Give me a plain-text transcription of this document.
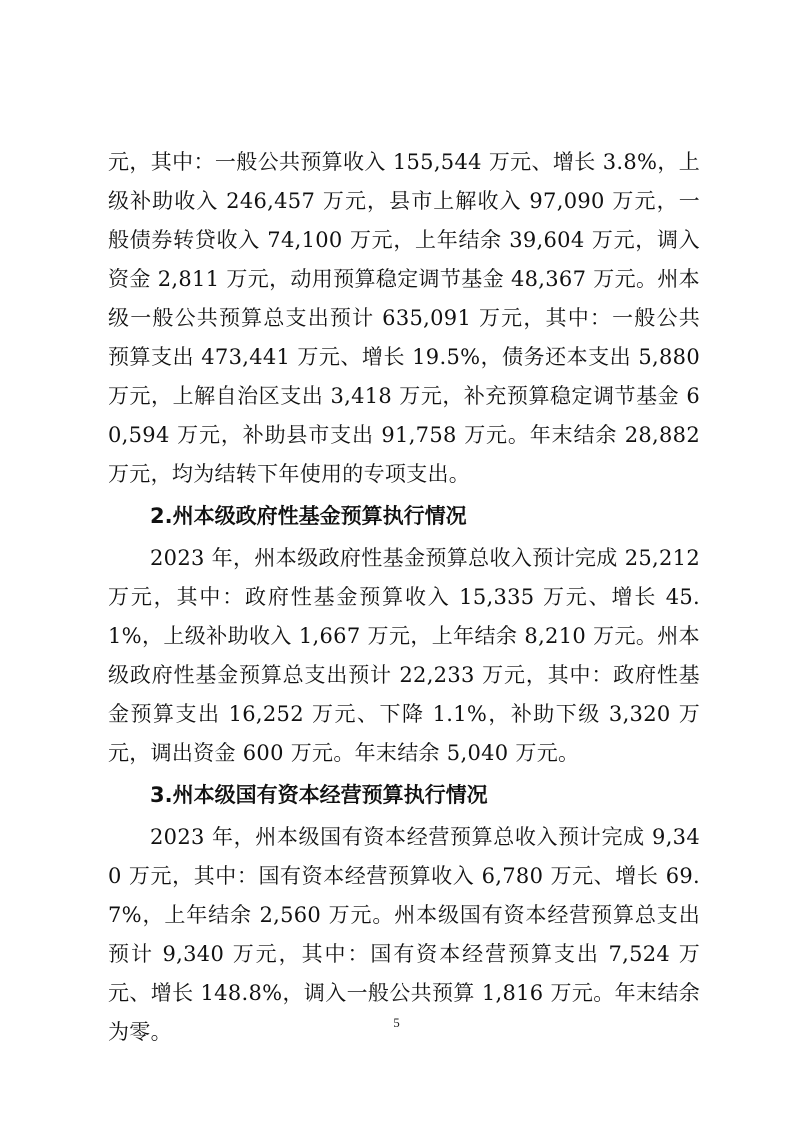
元，其中：一般公共预算收入 155,544 万元、增长 3.8%，上级补助收入 246,457 万元，县市上解收入 97,090 万元，一般债券转贷收入 74,100 万元，上年结余 39,604 万元，调入资金 2,811 万元，动用预算稳定调节基金 48,367 万元。州本级一般公共预算总支出预计 635,091 万元，其中：一般公共预算支出 473,441 万元、增长 19.5%，债务还本支出 5,880 万元，上解自治区支出 3,418 万元，补充预算稳定调节基金 60,594 万元，补助县市支出 91,758 万元。年末结余 28,882 万元，均为结转下年使用的专项支出。

2.州本级政府性基金预算执行情况

2023 年，州本级政府性基金预算总收入预计完成 25,212 万元，其中：政府性基金预算收入 15,335 万元、增长 45.1%，上级补助收入 1,667 万元，上年结余 8,210 万元。州本级政府性基金预算总支出预计 22,233 万元，其中：政府性基金预算支出 16,252 万元、下降 1.1%，补助下级 3,320 万元，调出资金 600 万元。年末结余 5,040 万元。

3.州本级国有资本经营预算执行情况

2023 年，州本级国有资本经营预算总收入预计完成 9,340 万元，其中：国有资本经营预算收入 6,780 万元、增长 69.7%，上年结余 2,560 万元。州本级国有资本经营预算总支出预计 9,340 万元，其中：国有资本经营预算支出 7,524 万元、增长 148.8%，调入一般公共预算 1,816 万元。年末结余为零。	5
